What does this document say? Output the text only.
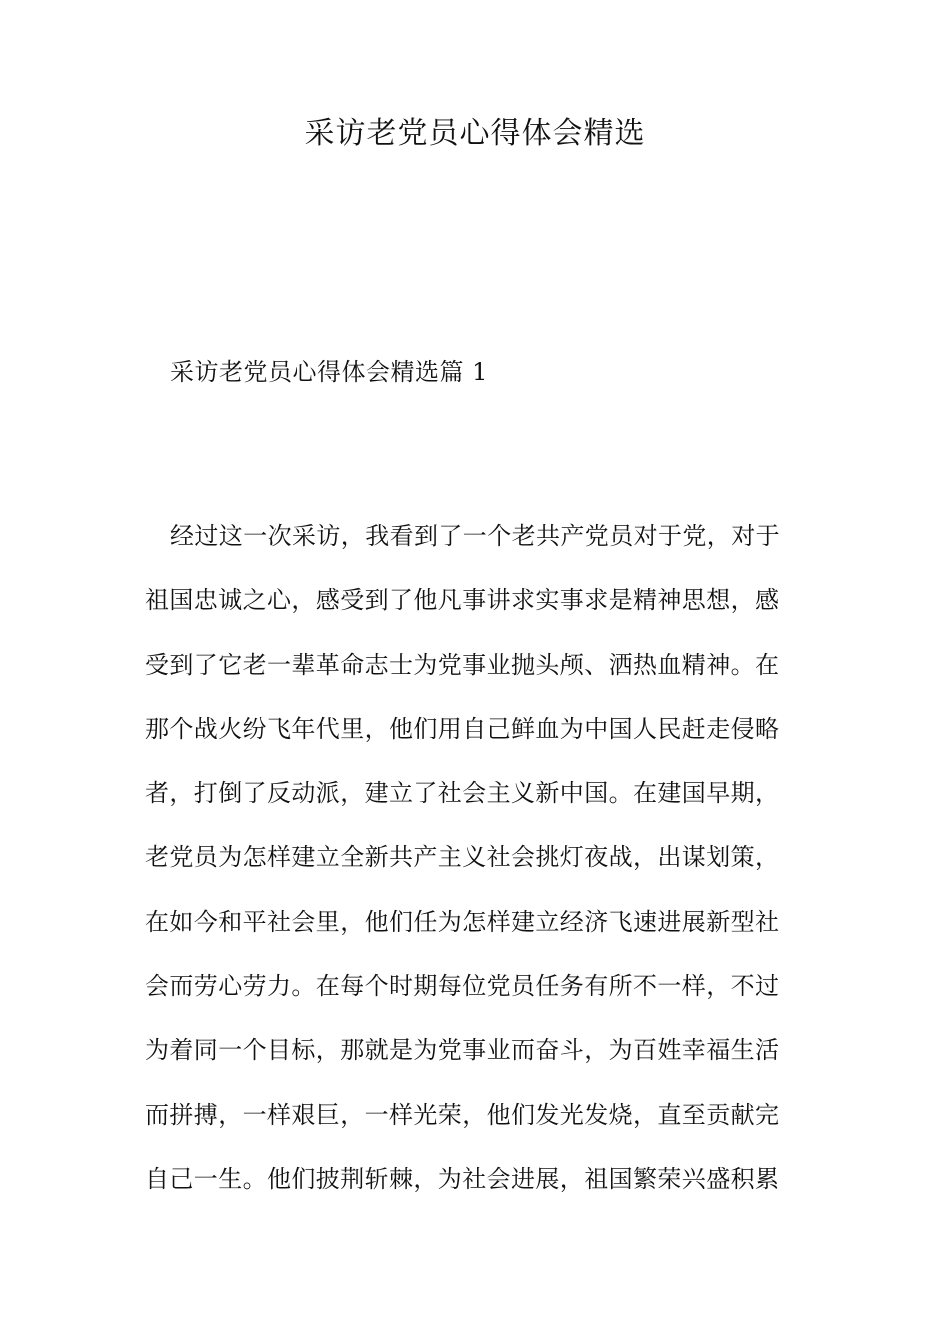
采访老党员心得体会精选
采访老党员心得体会精选篇 1
经过这一次采访，我看到了一个老共产党员对于党，对于
祖国忠诚之心，感受到了他凡事讲求实事求是精神思想，感
受到了它老一辈革命志士为党事业抛头颅、洒热血精神。在
那个战火纷飞年代里，他们用自己鲜血为中国人民赶走侵略
者，打倒了反动派，建立了社会主义新中国。在建国早期，
老党员为怎样建立全新共产主义社会挑灯夜战，出谋划策，
在如今和平社会里，他们任为怎样建立经济飞速进展新型社
会而劳心劳力。在每个时期每位党员任务有所不一样，不过
为着同一个目标，那就是为党事业而奋斗，为百姓幸福生活
而拼搏，一样艰巨，一样光荣，他们发光发烧，直至贡献完
自己一生。他们披荆斩棘，为社会进展，祖国繁荣兴盛积累
